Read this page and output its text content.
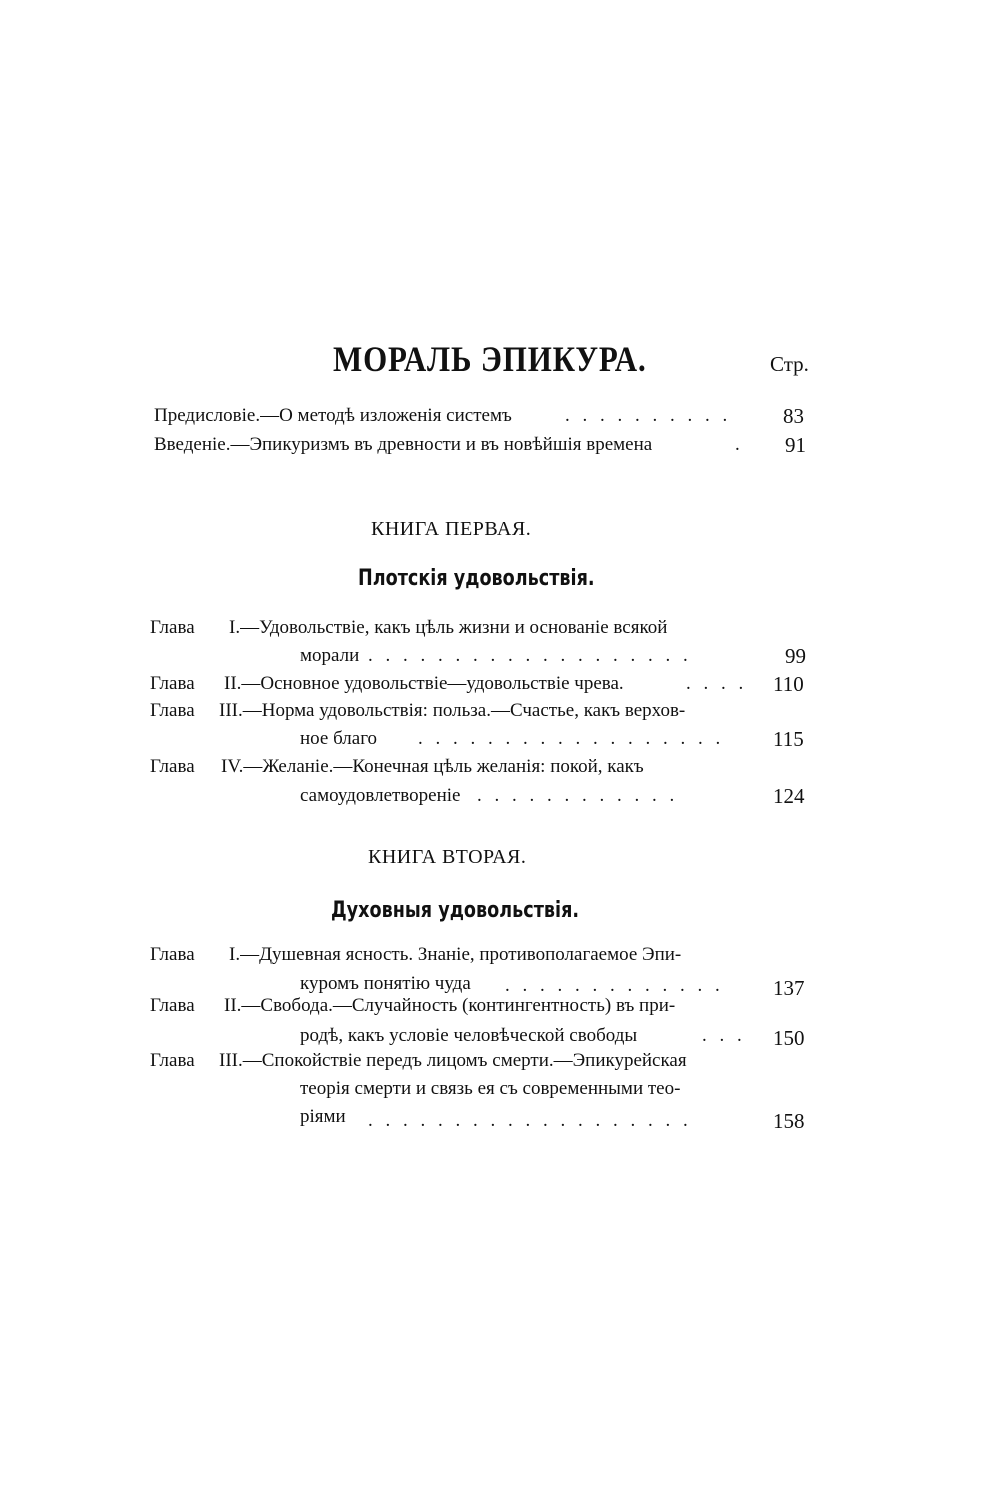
МОРАЛЬ ЭПИКУРА.	Стр.
Предисловіе.—О методѣ изложенія системъ	. . . . . . . . . . 83
Введеніе.—Эпикуризмъ въ древности и въ новѣйшія времена	. 91
КНИГА ПЕРВАЯ.
Плотскія удовольствія.
Глава I.—Удовольствіе, какъ цѣль жизни и основаніе всякой
морали . . . . . . . . . . . . . . . . . . .	99
Глава II.—Основное удовольствіе—удовольствіе чрева.	. . . . 110
Глава III.—Норма удовольствія: польза.—Счастье, какъ верхов-
ное благо . . . . . . . . . . . . . . . . . . 115
Глава IV.—Желаніе.—Конечная цѣль желанія: покой, какъ
самоудовлетвореніе . . . . . . . . . . . .	124
КНИГА ВТОРАЯ.
Духовныя удовольствія.
Глава I.—Душевная ясность. Знаніе, противополагаемое Эпи-
куромъ понятію чуда . . . . . . . . . . . . . 137
Глава II.—Свобода.—Случайность (контингентность) въ при-
родѣ, какъ условіе человѣческой свободы	. . . 150
Глава III.—Спокойствіе передъ лицомъ смерти.—Эпикурейская
теорія смерти и связь ея съ современными тео-
ріями . . . . . . . . . . . . . . . . . . .	158
